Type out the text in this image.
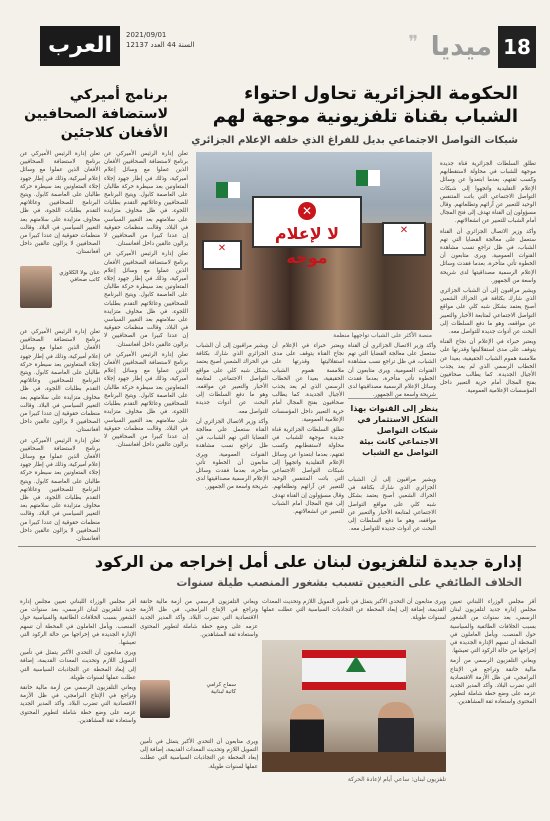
العرب	2021/09/01
السنة 44 العدد 12137	18
ميديا
❞
الحكومة الجزائرية تحاول احتواء الشباب بقناة تلفزيونية موجهة لهم
شبكات التواصل الاجتماعي بديل للفراغ الذي خلفه الإعلام الجزائري
✕
لا لإعلام موجه
✕
✕
منصة الأكثر على الشباب تواجهها منظمة

تطلق السلطات الجزائرية قناة جديدة موجهة للشباب في محاولة لاستقطابهم وكسب ثقتهم، بعدما ابتعدوا عن وسائل الإعلام التقليدية واتجهوا إلى شبكات التواصل الاجتماعي التي باتت المتنفس الوحيد للتعبير عن آرائهم وتطلعاتهم. وقال مسؤولون إن القناة تهدف إلى فتح المجال أمام الشباب للتعبير عن انشغالاتهم.

وأكد وزير الاتصال الجزائري أن القناة ستعمل على معالجة القضايا التي تهم الشباب، في ظل تراجع نسب مشاهدة القنوات العمومية. ويرى متابعون أن الخطوة تأتي متأخرة، بعدما فقدت وسائل الإعلام الرسمية مصداقيتها لدى شريحة واسعة من الجمهور.

ويشير مراقبون إلى أن الشباب الجزائري الذي شارك بكثافة في الحراك الشعبي أصبح يعتمد بشكل شبه كلي على مواقع التواصل الاجتماعي لمتابعة الأخبار والتعبير عن مواقفه، وهو ما دفع السلطات إلى البحث عن أدوات جديدة للتواصل معه.

ويعتبر خبراء في الإعلام أن نجاح القناة يتوقف على مدى استقلاليتها وقدرتها على ملامسة هموم الشباب الحقيقية، بعيدا عن الخطاب الرسمي الذي لم يعد يجذب الأجيال الجديدة. كما يطالب صحافيون بفتح المجال أمام حرية التعبير داخل المؤسسات الإعلامية العمومية.

وأكد وزير الاتصال الجزائري أن القناة ستعمل على معالجة القضايا التي تهم الشباب، في ظل تراجع نسب مشاهدة القنوات العمومية. ويرى متابعون أن الخطوة تأتي متأخرة، بعدما فقدت وسائل الإعلام الرسمية مصداقيتها لدى شريحة واسعة من الجمهور.

ينظر إلى القنوات بهذا الشكل الاستثمار في شبكات التواصل الاجتماعي كانت بيئة التواصل مع الشباب

ويشير مراقبون إلى أن الشباب الجزائري الذي شارك بكثافة في الحراك الشعبي أصبح يعتمد بشكل شبه كلي على مواقع التواصل الاجتماعي لمتابعة الأخبار والتعبير عن مواقفه، وهو ما دفع السلطات إلى البحث عن أدوات جديدة للتواصل معه.

ويعتبر خبراء في الإعلام أن نجاح القناة يتوقف على مدى استقلاليتها وقدرتها على ملامسة هموم الشباب الحقيقية، بعيدا عن الخطاب الرسمي الذي لم يعد يجذب الأجيال الجديدة. كما يطالب صحافيون بفتح المجال أمام حرية التعبير داخل المؤسسات الإعلامية العمومية.

تطلق السلطات الجزائرية قناة جديدة موجهة للشباب في محاولة لاستقطابهم وكسب ثقتهم، بعدما ابتعدوا عن وسائل الإعلام التقليدية واتجهوا إلى شبكات التواصل الاجتماعي التي باتت المتنفس الوحيد للتعبير عن آرائهم وتطلعاتهم. وقال مسؤولون إن القناة تهدف إلى فتح المجال أمام الشباب للتعبير عن انشغالاتهم.

ويشير مراقبون إلى أن الشباب الجزائري الذي شارك بكثافة في الحراك الشعبي أصبح يعتمد بشكل شبه كلي على مواقع التواصل الاجتماعي لمتابعة الأخبار والتعبير عن مواقفه، وهو ما دفع السلطات إلى البحث عن أدوات جديدة للتواصل معه.

وأكد وزير الاتصال الجزائري أن القناة ستعمل على معالجة القضايا التي تهم الشباب، في ظل تراجع نسب مشاهدة القنوات العمومية. ويرى متابعون أن الخطوة تأتي متأخرة، بعدما فقدت وسائل الإعلام الرسمية مصداقيتها لدى شريحة واسعة من الجمهور.

برنامج أميركي
لاستضافة الصحافيين
الأفغان كلاجئين

تعلن إدارة الرئيس الأميركي عن برنامج لاستضافة الصحافيين الأفغان الذين عملوا مع وسائل إعلام أميركية، وذلك في إطار جهود إجلاء المتعاونين بعد سيطرة حركة طالبان على العاصمة كابول. ويتيح البرنامج للصحافيين وعائلاتهم التقدم بطلبات اللجوء، في ظل مخاوف متزايدة على سلامتهم بعد التغيير السياسي في البلاد. وقالت منظمات حقوقية إن عددا كبيرا من الصحافيين لا يزالون عالقين داخل أفغانستان.

تعلن إدارة الرئيس الأميركي عن برنامج لاستضافة الصحافيين الأفغان الذين عملوا مع وسائل إعلام أميركية، وذلك في إطار جهود إجلاء المتعاونين بعد سيطرة حركة طالبان على العاصمة كابول. ويتيح البرنامج للصحافيين وعائلاتهم التقدم بطلبات اللجوء، في ظل مخاوف متزايدة على سلامتهم بعد التغيير السياسي في البلاد. وقالت منظمات حقوقية إن عددا كبيرا من الصحافيين لا يزالون عالقين داخل أفغانستان.

تعلن إدارة الرئيس الأميركي عن برنامج لاستضافة الصحافيين الأفغان الذين عملوا مع وسائل إعلام أميركية، وذلك في إطار جهود إجلاء المتعاونين بعد سيطرة حركة طالبان على العاصمة كابول. ويتيح البرنامج للصحافيين وعائلاتهم التقدم بطلبات اللجوء، في ظل مخاوف متزايدة على سلامتهم بعد التغيير السياسي في البلاد. وقالت منظمات حقوقية إن عددا كبيرا من الصحافيين لا يزالون عالقين داخل أفغانستان.

عنان بولا الكلاوزي
كاتب صحافي

تعلن إدارة الرئيس الأميركي عن برنامج لاستضافة الصحافيين الأفغان الذين عملوا مع وسائل إعلام أميركية، وذلك في إطار جهود إجلاء المتعاونين بعد سيطرة حركة طالبان على العاصمة كابول. ويتيح البرنامج للصحافيين وعائلاتهم التقدم بطلبات اللجوء، في ظل مخاوف متزايدة على سلامتهم بعد التغيير السياسي في البلاد. وقالت منظمات حقوقية إن عددا كبيرا من الصحافيين لا يزالون عالقين داخل أفغانستان.

تعلن إدارة الرئيس الأميركي عن برنامج لاستضافة الصحافيين الأفغان الذين عملوا مع وسائل إعلام أميركية، وذلك في إطار جهود إجلاء المتعاونين بعد سيطرة حركة طالبان على العاصمة كابول. ويتيح البرنامج للصحافيين وعائلاتهم التقدم بطلبات اللجوء، في ظل مخاوف متزايدة على سلامتهم بعد التغيير السياسي في البلاد. وقالت منظمات حقوقية إن عددا كبيرا من الصحافيين لا يزالون عالقين داخل أفغانستان.

تعلن إدارة الرئيس الأميركي عن برنامج لاستضافة الصحافيين الأفغان الذين عملوا مع وسائل إعلام أميركية، وذلك في إطار جهود إجلاء المتعاونين بعد سيطرة حركة طالبان على العاصمة كابول. ويتيح البرنامج للصحافيين وعائلاتهم التقدم بطلبات اللجوء، في ظل مخاوف متزايدة على سلامتهم بعد التغيير السياسي في البلاد. وقالت منظمات حقوقية إن عددا كبيرا من الصحافيين لا يزالون عالقين داخل أفغانستان.

إدارة جديدة لتلفزيون لبنان على أمل إخراجه من الركود
الخلاف الطائفي على التعيين تسبب بشغور المنصب طيلة سنوات

أقر مجلس الوزراء اللبناني تعيين مجلس إدارة جديد لتلفزيون لبنان الرسمي، بعد سنوات من الشغور بسبب الخلافات الطائفية والسياسية حول المنصب. ويأمل العاملون في المحطة أن تسهم الإدارة الجديدة في إخراجها من حالة الركود التي تعيشها.

ويعاني التلفزيون الرسمي من أزمة مالية خانقة وتراجع في الإنتاج البرامجي، في ظل الأزمة الاقتصادية التي تضرب البلاد. وأكد المدير الجديد عزمه على وضع خطة شاملة لتطوير المحتوى واستعادة ثقة المشاهدين.

ويرى متابعون أن التحدي الأكبر يتمثل في تأمين التمويل اللازم وتحديث المعدات القديمة، إضافة إلى إبعاد المحطة عن التجاذبات السياسية التي عطلت عملها لسنوات طويلة.

تلفزيون لبنان: ساعي أيام لإعادة الحركة

ويعاني التلفزيون الرسمي من أزمة مالية خانقة وتراجع في الإنتاج البرامجي، في ظل الأزمة الاقتصادية التي تضرب البلاد. وأكد المدير الجديد عزمه على وضع خطة شاملة لتطوير المحتوى واستعادة ثقة المشاهدين.

سماح كرامي
كاتبة لبنانية

ويرى متابعون أن التحدي الأكبر يتمثل في تأمين التمويل اللازم وتحديث المعدات القديمة، إضافة إلى إبعاد المحطة عن التجاذبات السياسية التي عطلت عملها لسنوات طويلة.

أقر مجلس الوزراء اللبناني تعيين مجلس إدارة جديد لتلفزيون لبنان الرسمي، بعد سنوات من الشغور بسبب الخلافات الطائفية والسياسية حول المنصب. ويأمل العاملون في المحطة أن تسهم الإدارة الجديدة في إخراجها من حالة الركود التي تعيشها.

ويرى متابعون أن التحدي الأكبر يتمثل في تأمين التمويل اللازم وتحديث المعدات القديمة، إضافة إلى إبعاد المحطة عن التجاذبات السياسية التي عطلت عملها لسنوات طويلة.

ويعاني التلفزيون الرسمي من أزمة مالية خانقة وتراجع في الإنتاج البرامجي، في ظل الأزمة الاقتصادية التي تضرب البلاد. وأكد المدير الجديد عزمه على وضع خطة شاملة لتطوير المحتوى واستعادة ثقة المشاهدين.
